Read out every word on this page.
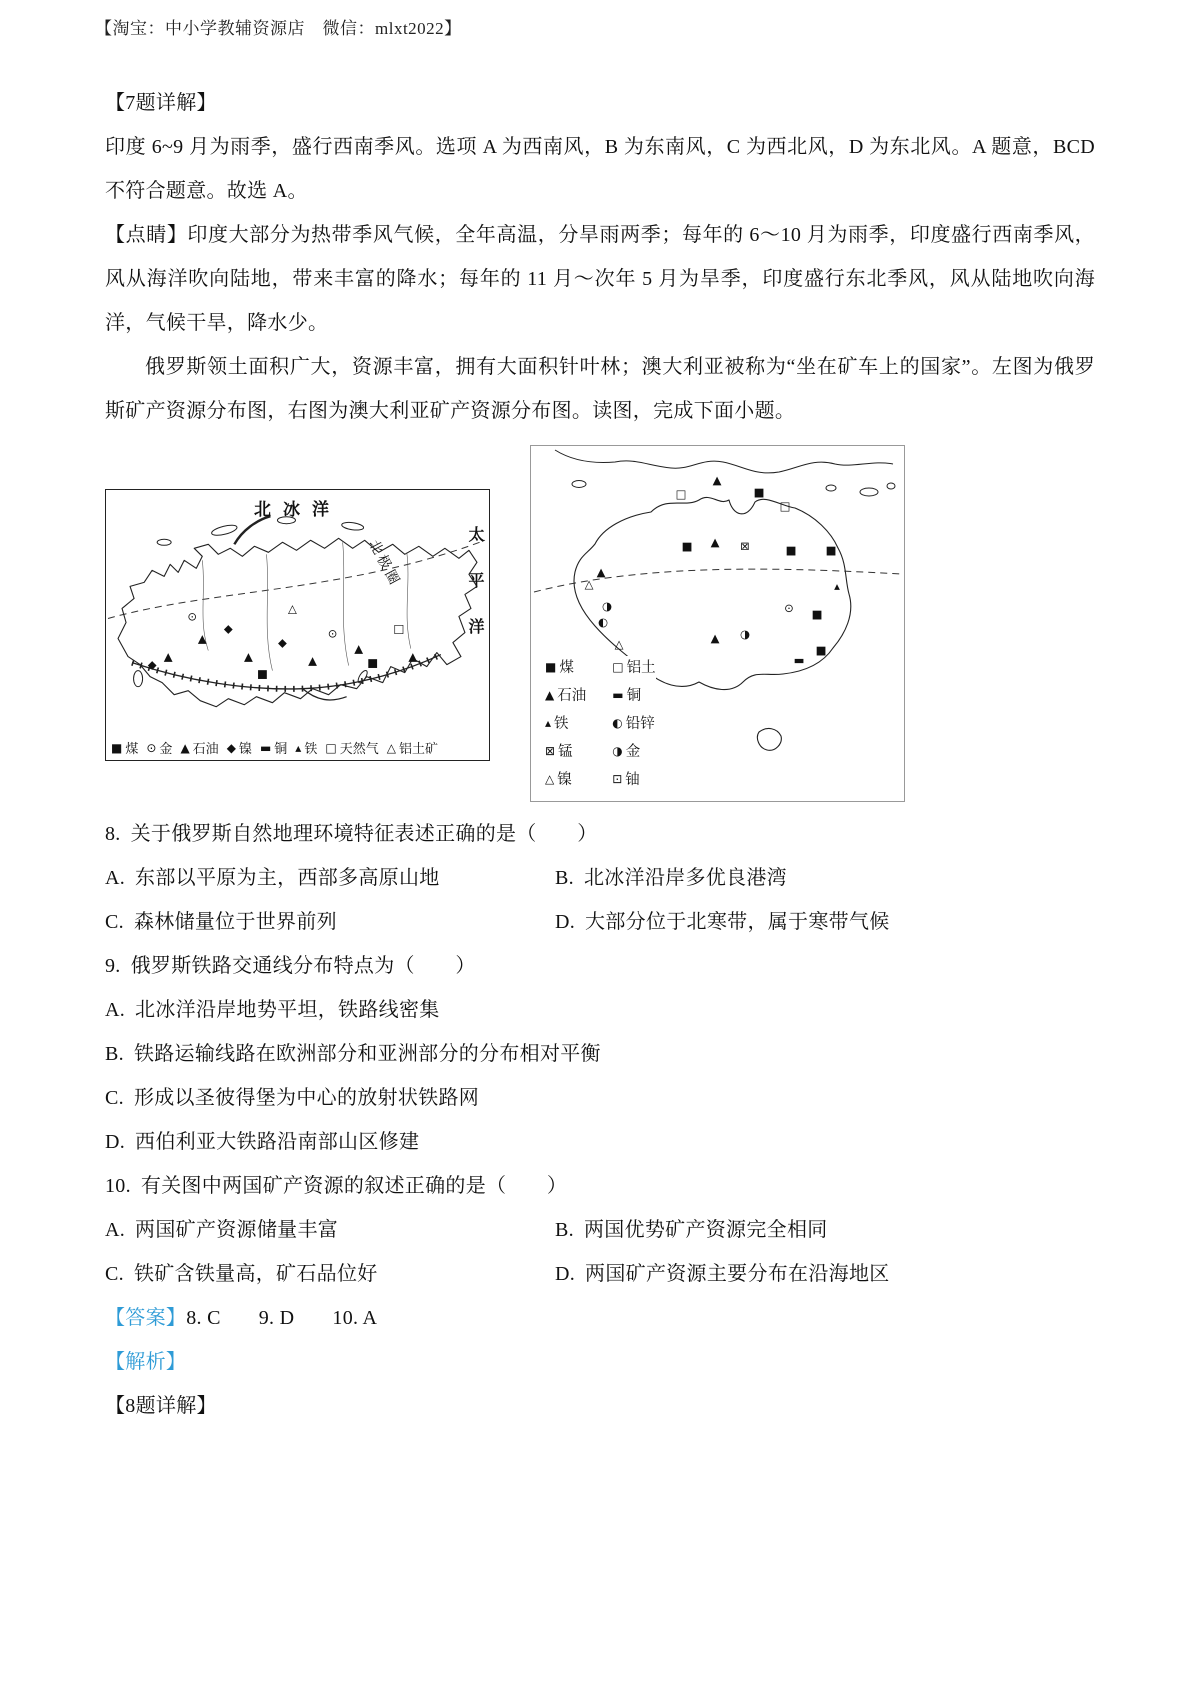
【淘宝：中小学教辅资源店　微信：mlxt2022】

【7题详解】

印度 6~9 月为雨季，盛行西南季风。选项 A 为西南风，B 为东南风，C 为西北风，D 为东北风。A 题意，BCD 不符合题意。故选 A。

【点睛】印度大部分为热带季风气候，全年高温，分旱雨两季；每年的 6～10 月为雨季，印度盛行西南季风，风从海洋吹向陆地，带来丰富的降水；每年的 11 月～次年 5 月为旱季，印度盛行东北季风，风从陆地吹向海洋，气候干旱，降水少。

俄罗斯领土面积广大，资源丰富，拥有大面积针叶林；澳大利亚被称为“坐在矿车上的国家”。左图为俄罗斯矿产资源分布图，右图为澳大利亚矿产资源分布图。读图，完成下面小题。

▲
◆
⊙
△
◆
▲
■
⊙
▲	■
▲
□
▲
▲
◆
北冰洋
太平洋
北极圈
■ 煤 ⊙ 金 ▲ 石油 ◆ 镍 ▬ 铜 ▴ 铁 □ 天然气 △ 铝土矿
□
▲
■
□
■ ▲ ⊠	■	■
▲
△
◑
◐
△	▲ ◑
⊙ ■
■
▬
▴
■ 煤	□ 铝土
▲ 石油 ▬ 铜
▴ 铁	◐ 铅锌
⊠ 锰	◑ 金
△ 镍	⊡ 铀

8. 关于俄罗斯自然地理环境特征表述正确的是（　　）

A. 东部以平原为主，西部多高原山地	B. 北冰洋沿岸多优良港湾
C. 森林储量位于世界前列	D. 大部分位于北寒带，属于寒带气候

9. 俄罗斯铁路交通线分布特点为（　　）

A. 北冰洋沿岸地势平坦，铁路线密集

B. 铁路运输线路在欧洲部分和亚洲部分的分布相对平衡

C. 形成以圣彼得堡为中心的放射状铁路网

D. 西伯利亚大铁路沿南部山区修建

10. 有关图中两国矿产资源的叙述正确的是（　　）

A. 两国矿产资源储量丰富	B. 两国优势矿产资源完全相同
C. 铁矿含铁量高，矿石品位好	D. 两国矿产资源主要分布在沿海地区

【答案】8. C 9. D 10. A

【解析】

【8题详解】
